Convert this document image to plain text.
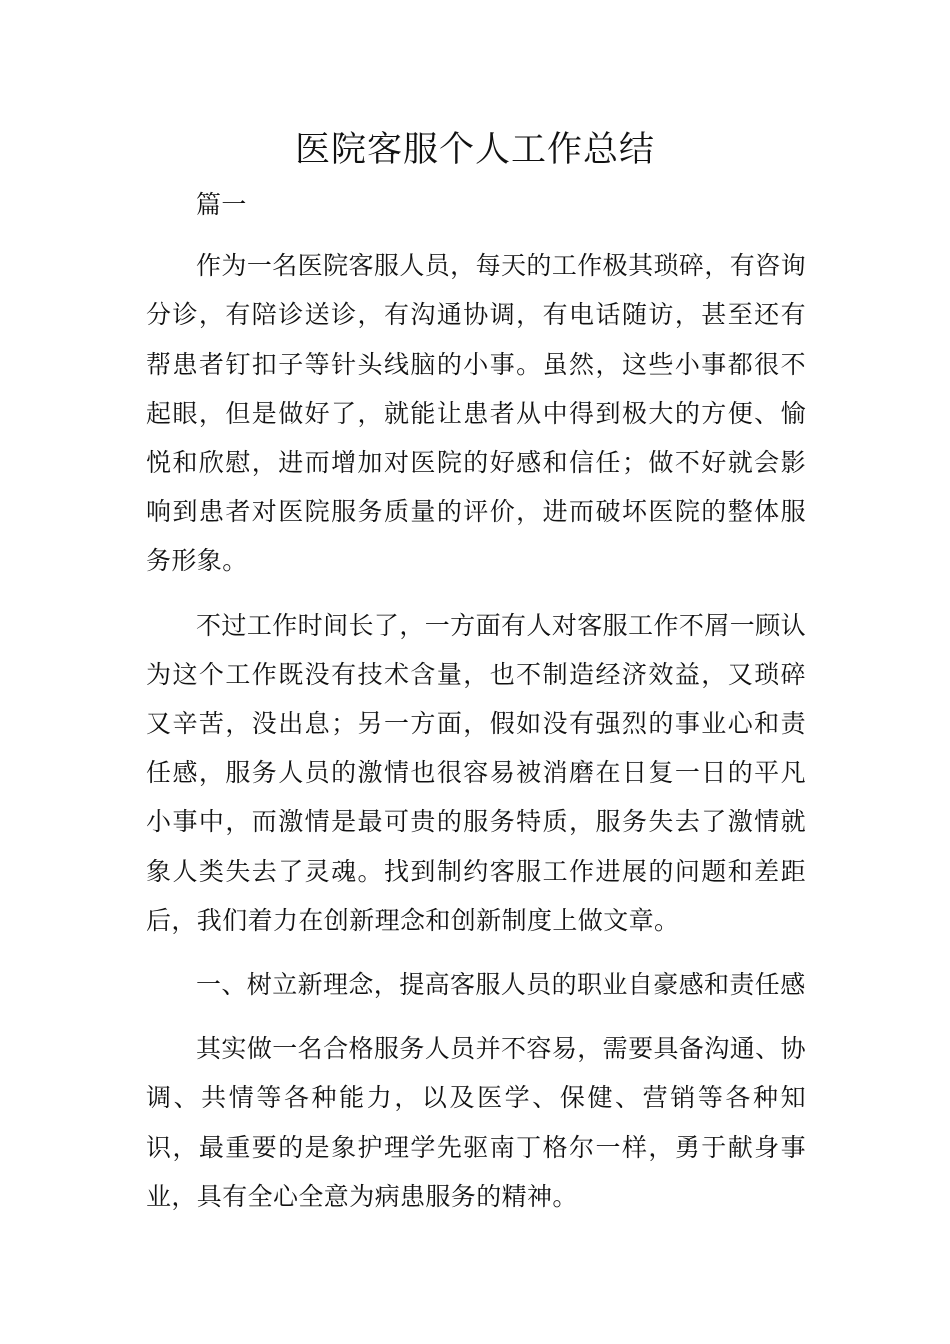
医院客服个人工作总结

篇一

作为一名医院客服人员，每天的工作极其琐碎，有咨询分诊，有陪诊送诊，有沟通协调，有电话随访，甚至还有帮患者钉扣子等针头线脑的小事。虽然，这些小事都很不起眼，但是做好了，就能让患者从中得到极大的方便、愉悦和欣慰，进而增加对医院的好感和信任；做不好就会影响到患者对医院服务质量的评价，进而破坏医院的整体服务形象。

不过工作时间长了，一方面有人对客服工作不屑一顾认为这个工作既没有技术含量，也不制造经济效益，又琐碎又辛苦，没出息；另一方面，假如没有强烈的事业心和责任感，服务人员的激情也很容易被消磨在日复一日的平凡小事中，而激情是最可贵的服务特质，服务失去了激情就象人类失去了灵魂。找到制约客服工作进展的问题和差距后，我们着力在创新理念和创新制度上做文章。

一、树立新理念，提高客服人员的职业自豪感和责任感

其实做一名合格服务人员并不容易，需要具备沟通、协调、共情等各种能力，以及医学、保健、营销等各种知识，最重要的是象护理学先驱南丁格尔一样，勇于献身事业，具有全心全意为病患服务的精神。
